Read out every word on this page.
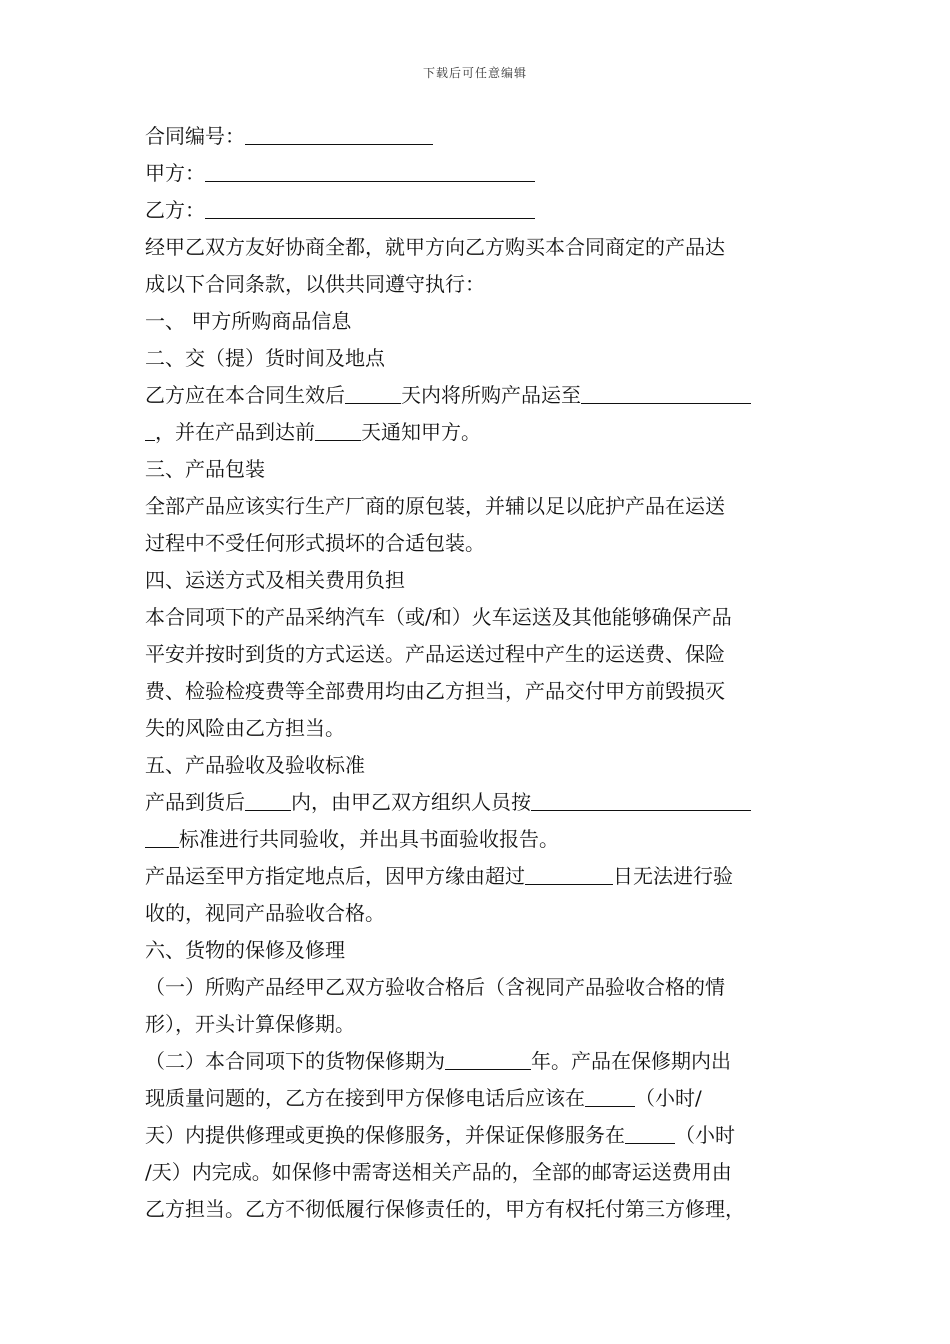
下载后可任意编辑
合同编号：
甲方：
乙方：
经甲乙双方友好协商全都，就甲方向乙方购买本合同商定的产品达
成以下合同条款，以供共同遵守执行：
一、 甲方所购商品信息
二、交（提）货时间及地点
乙方应在本合同生效后	天内将所购产品运至
，并在产品到达前 天通知甲方。
三、产品包装
全部产品应该实行生产厂商的原包装，并辅以足以庇护产品在运送
过程中不受任何形式损坏的合适包装。
四、运送方式及相关费用负担
本合同项下的产品采纳汽车（或/和）火车运送及其他能够确保产品
平安并按时到货的方式运送。产品运送过程中产生的运送费、保险
费、检验检疫费等全部费用均由乙方担当，产品交付甲方前毁损灭
失的风险由乙方担当。
五、产品验收及验收标准
产品到货后 内，由甲乙双方组织人员按
标准进行共同验收，并出具书面验收报告。
产品运至甲方指定地点后，因甲方缘由超过	日无法进行验
收的，视同产品验收合格。
六、货物的保修及修理
（一）所购产品经甲乙双方验收合格后（含视同产品验收合格的情
形），开头计算保修期。
（二）本合同项下的货物保修期为	年。产品在保修期内出
现质量问题的，乙方在接到甲方保修电话后应该在	（小时/
天）内提供修理或更换的保修服务，并保证保修服务在	（小时
/天）内完成。如保修中需寄送相关产品的，全部的邮寄运送费用由
乙方担当。乙方不彻低履行保修责任的，甲方有权托付第三方修理，
